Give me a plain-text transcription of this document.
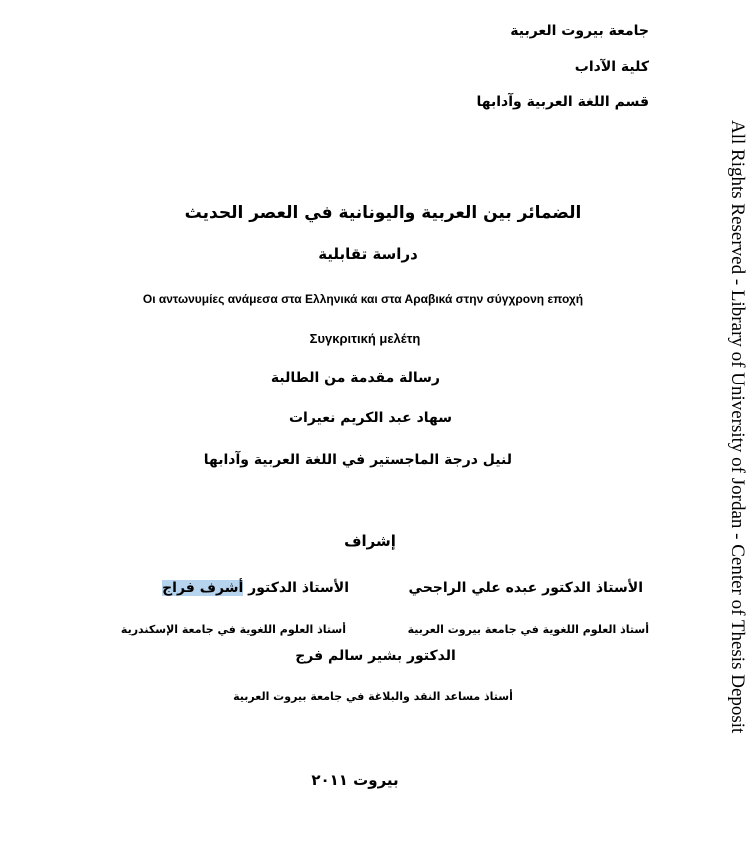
جامعة بيروت العربية
كلية الآداب
قسم اللغة العربية وآدابها
الضمائر بين العربية واليونانية في العصر الحديث
دراسة تقابلية
Οι αντωνυμίες ανάμεσα στα Ελληνικά και στα Αραβικά στην σύγχρονη εποχή
Συγκριτική μελέτη
رسالة مقدمة من الطالبة
سهاد عبد الكريم نعيرات
لنيل درجة الماجستير في اللغة العربية وآدابها
إشراف
الأستاذ الدكتور عبده علي الراجحي
الأستاذ الدكتور أشرف فراج
أستاذ العلوم اللغوية في جامعة بيروت العربية
أستاذ العلوم اللغوية في جامعة الإسكندرية
الدكتور بشير سالم فرج
أستاذ مساعد النقد والبلاغة في جامعة بيروت العربية
بيروت ٢٠١١
All Rights Reserved - Library of University of Jordan - Center of Thesis Deposit
